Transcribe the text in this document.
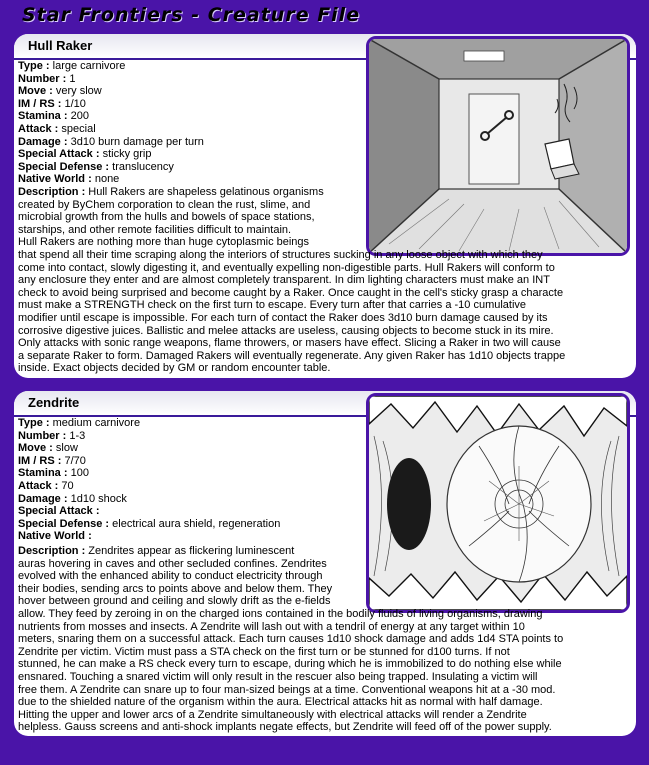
Star Frontiers - Creature File
Hull Raker
Type : large carnivore
Number : 1
Move : very slow
IM / RS : 1/10
Stamina : 200
Attack : special
Damage : 3d10 burn damage per turn
Special Attack : sticky grip
Special Defense : translucency
Native World : none
Description : Hull Rakers are shapeless gelatinous organisms
created by ByChem corporation to clean the rust, slime, and
microbial growth from the hulls and bowels of space stations,
starships, and other remote facilities difficult to maintain.
Hull Rakers are nothing more than huge cytoplasmic beings
that spend all their time scraping along the interiors of structures sucking in any loose object with which they
come into contact, slowly digesting it, and eventually expelling non-digestible parts. Hull Rakers will conform to
any enclosure they enter and are almost completely transparent. In dim lighting characters must make an INT
check to avoid being surprised and become caught by a Raker. Once caught in the cell's sticky grasp a characte
must make a STRENGTH check on the first turn to escape. Every turn after that carries a -10 cumulative
modifier until escape is impossible. For each turn of contact the Raker does 3d10 burn damage caused by its
corrosive digestive juices. Ballistic and melee attacks are useless, causing objects to become stuck in its mire.
Only attacks with sonic range weapons, flame throwers, or masers have effect. Slicing a Raker in two will cause
a separate Raker to form. Damaged Rakers will eventually regenerate. Any given Raker has 1d10 objects trappe
inside. Exact objects decided by GM or random encounter table.
Zendrite
Type : medium carnivore
Number : 1-3
Move : slow
IM / RS : 7/70
Stamina : 100
Attack : 70
Damage : 1d10 shock
Special Attack :
Special Defense : electrical aura shield, regeneration
Native World :
Description : Zendrites appear as flickering luminescent
auras hovering in caves and other secluded confines. Zendrites
evolved with the enhanced ability to conduct electricity through
their bodies, sending arcs to points above and below them. They
hover between ground and ceiling and slowly drift as the e-fields
allow. They feed by zeroing in on the charged ions contained in the bodily fluids of living organisms, drawing
nutrients from mosses and insects. A Zendrite will lash out with a tendril of energy at any target within 10
meters, snaring them on a successful attack. Each turn causes 1d10 shock damage and adds 1d4 STA points to
Zendrite per victim. Victim must pass a STA check on the first turn or be stunned for d100 turns. If not
stunned, he can make a RS check every turn to escape, during which he is immobilized to do nothing else while
ensnared. Touching a snared victim will only result in the rescuer also being trapped. Insulating a victim will
free them. A Zendrite can snare up to four man-sized beings at a time. Conventional weapons hit at a -30 mod.
due to the shielded nature of the organism within the aura. Electrical attacks hit as normal with half damage.
Hitting the upper and lower arcs of a Zendrite simultaneously with electrical attacks will render a Zendrite
helpless. Gauss screens and anti-shock implants negate effects, but Zendrite will feed off of the power supply.
